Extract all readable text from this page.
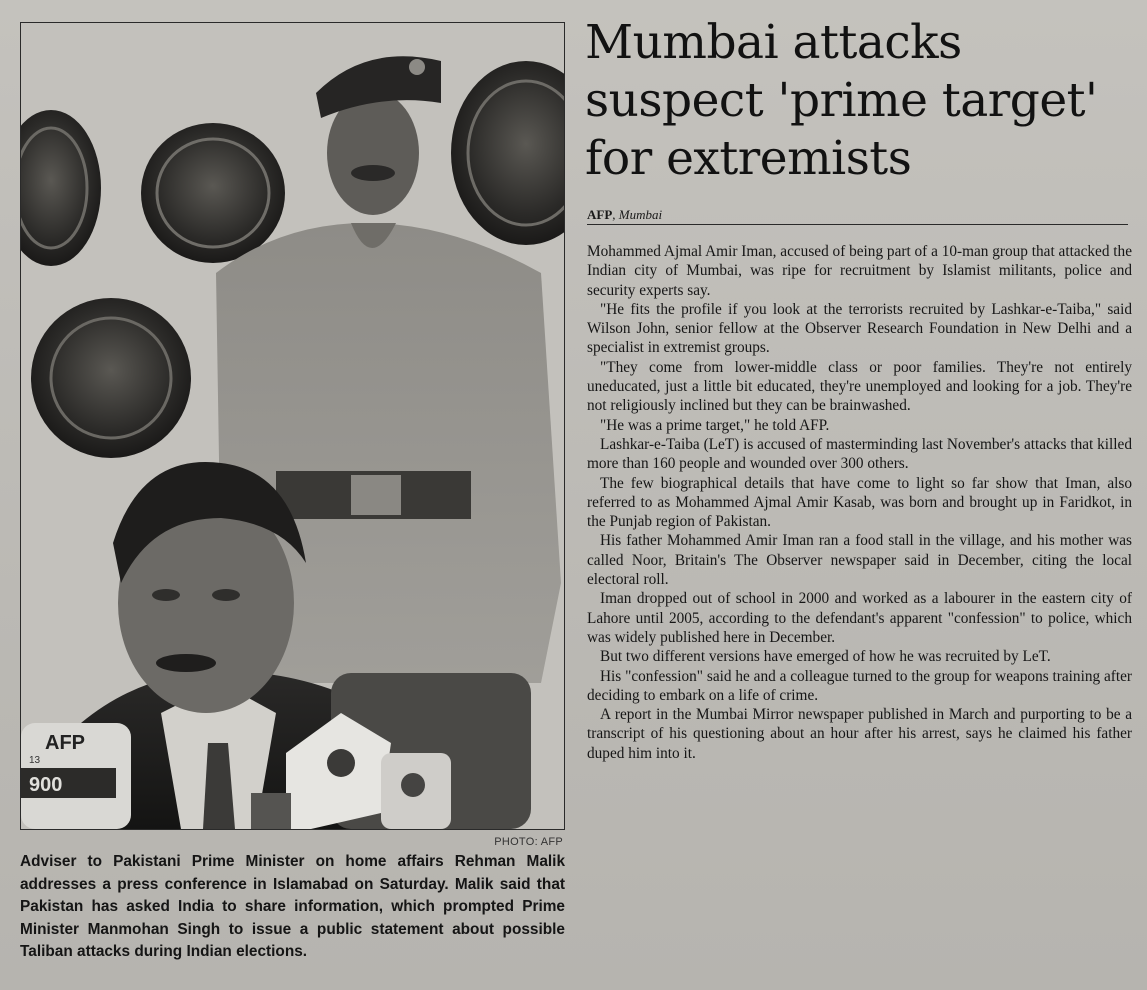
AFP
13
900
PHOTO: AFP
Adviser to Pakistani Prime Minister on home affairs Rehman Malik addresses a press conference in Islamabad on Saturday. Malik said that Pakistan has asked India to share information, which prompted Prime Minister Manmohan Singh to issue a public statement about possible Taliban attacks during Indian elections.
Mumbai attacks suspect 'prime target' for extremists
AFP, Mumbai

Mohammed Ajmal Amir Iman, accused of being part of a 10-man group that attacked the Indian city of Mumbai, was ripe for recruitment by Islamist militants, police and security experts say.

"He fits the profile if you look at the terrorists recruited by Lashkar-e-Taiba," said Wilson John, senior fellow at the Observer Research Foundation in New Delhi and a specialist in extremist groups.

"They come from lower-middle class or poor families. They're not entirely uneducated, just a little bit educated, they're unemployed and looking for a job. They're not religiously inclined but they can be brainwashed.

"He was a prime target," he told AFP.

Lashkar-e-Taiba (LeT) is accused of masterminding last November's attacks that killed more than 160 people and wounded over 300 others.

The few biographical details that have come to light so far show that Iman, also referred to as Mohammed Ajmal Amir Kasab, was born and brought up in Faridkot, in the Punjab region of Pakistan.

His father Mohammed Amir Iman ran a food stall in the village, and his mother was called Noor, Britain's The Observer newspaper said in December, citing the local electoral roll.

Iman dropped out of school in 2000 and worked as a labourer in the eastern city of Lahore until 2005, according to the defendant's apparent "confession" to police, which was widely published here in December.

But two different versions have emerged of how he was recruited by LeT.

His "confession" said he and a colleague turned to the group for weapons training after deciding to embark on a life of crime.

A report in the Mumbai Mirror newspaper published in March and purporting to be a transcript of his questioning about an hour after his arrest, says he claimed his father duped him into it.
